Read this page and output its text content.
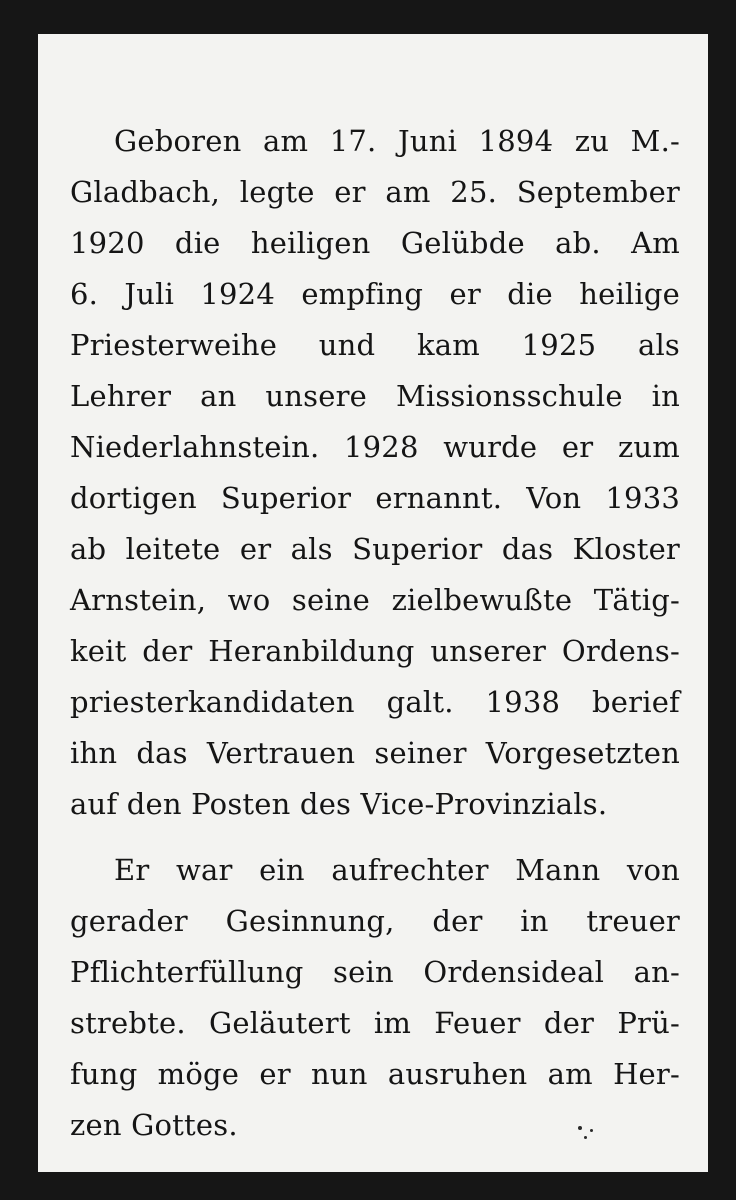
Geboren am 17. Juni 1894 zu M.-
Gladbach, legte er am 25. September
1920 die heiligen Gelübde ab. Am
6. Juli 1924 empfing er die heilige
Priesterweihe und kam 1925 als
Lehrer an unsere Missionsschule in
Niederlahnstein. 1928 wurde er zum
dortigen Superior ernannt. Von 1933
ab leitete er als Superior das Kloster
Arnstein, wo seine zielbewußte Tätig-
keit der Heranbildung unserer Ordens-
priesterkandidaten galt. 1938 berief
ihn das Vertrauen seiner Vorgesetzten
auf den Posten des Vice-Provinzials.
Er war ein aufrechter Mann von
gerader Gesinnung, der in treuer
Pflichterfüllung sein Ordensideal an-
strebte. Geläutert im Feuer der Prü-
fung möge er nun ausruhen am Her-
zen Gottes.
